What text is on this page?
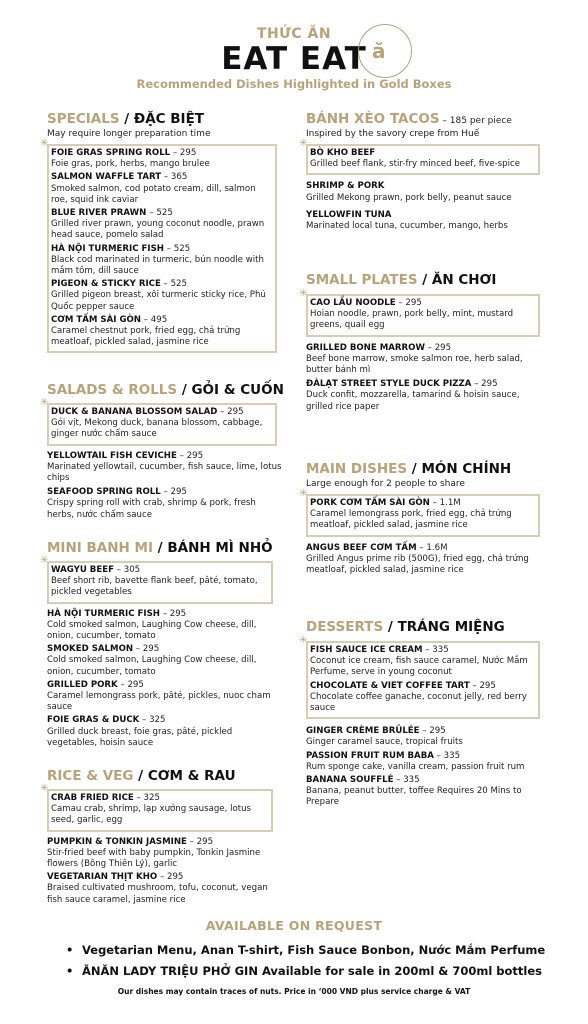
THỨC ĂN
EAT EAT
Recommended Dishes Highlighted in Gold Boxes
ă
SPECIALS / ĐẶC BIỆT
May require longer preparation time
✳
FOIE GRAS SPRING ROLL – 295
Foie gras, pork, herbs, mango brulee
SALMON WAFFLE TART – 365
Smoked salmon, cod potato cream, dill, salmon roe, squid ink caviar
BLUE RIVER PRAWN – 525
Grilled river prawn, young coconut noodle, prawn head sauce, pomelo salad
HÀ NỘI TURMERIC FISH – 525
Black cod marinated in turmeric, bún noodle with mắm tôm, dill sauce
PIGEON & STICKY RICE – 525
Grilled pigeon breast, xôi turmeric sticky rice, Phú Quốc pepper sauce
CƠM TẤM SÀI GÒN – 495
Caramel chestnut pork, fried egg, chả trứng meatloaf, pickled salad, jasmine rice
SALADS & ROLLS / GỎI & CUỐN
✳
DUCK & BANANA BLOSSOM SALAD – 295
Gỏi vịt, Mekong duck, banana blossom, cabbage, ginger nước chấm sauce
YELLOWTAIL FISH CEVICHE – 295
Marinated yellowtail, cucumber, fish sauce, lime, lotus chips
SEAFOOD SPRING ROLL – 295
Crispy spring roll with crab, shrimp & pork, fresh herbs, nước chấm sauce
MINI BANH MI / BÁNH MÌ NHỎ
✳
WAGYU BEEF – 305
Beef short rib, bavette flank beef, pâté, tomato, pickled vegetables
HÀ NỘI TURMERIC FISH – 295
Cold smoked salmon, Laughing Cow cheese, dill, onion, cucumber, tomato
SMOKED SALMON – 295
Cold smoked salmon, Laughing Cow cheese, dill, onion, cucumber, tomato
GRILLED PORK – 295
Caramel lemongrass pork, pâté, pickles, nuoc cham sauce
FOIE GRAS & DUCK – 325
Grilled duck breast, foie gras, pâté, pickled vegetables, hoisin sauce
RICE & VEG / CƠM & RAU
✳
CRAB FRIED RICE – 325
Camau crab, shrimp, lạp xưởng sausage, lotus seed, garlic, egg
PUMPKIN & TONKIN JASMINE – 295
Stir-fried beef with baby pumpkin, Tonkin Jasmine flowers (Bông Thiên Lý), garlic
VEGETARIAN THỊT KHO – 295
Braised cultivated mushroom, tofu, coconut, vegan fish sauce caramel, jasmine rice
BÁNH XÈO TACOS – 185 per piece
Inspired by the savory crepe from Huế
✳
BÒ KHO BEEF
Grilled beef flank, stir-fry minced beef, five-spice
SHRIMP & PORK
Grilled Mekong prawn, pork belly, peanut sauce
YELLOWFIN TUNA
Marinated local tuna, cucumber, mango, herbs
SMALL PLATES / ĂN CHƠI
✳
CAO LẦU NOODLE – 295
Hoian noodle, prawn, pork belly, mint, mustard greens, quail egg
GRILLED BONE MARROW – 295
Beef bone marrow, smoke salmon roe, herb salad, butter bánh mì
ĐÀLẠT STREET STYLE DUCK PIZZA – 295
Duck confit, mozzarella, tamarind & hoisin sauce, grilled rice paper
MAIN DISHES / MÓN CHÍNH
Large enough for 2 people to share
✳
PORK CƠM TẤM SÀI GÒN – 1.1M
Caramel lemongrass pork, fried egg, chả trứng meatloaf, pickled salad, jasmine rice
ANGUS BEEF CƠM TẤM – 1.6M
Grilled Angus prime rib (500G), fried egg, chả trứng meatloaf, pickled salad, jasmine rice
DESSERTS / TRÁNG MIỆNG
✳
FISH SAUCE ICE CREAM – 335
Coconut ice cream, fish sauce caramel, Nước Mắm Perfume, serve in young coconut
CHOCOLATE & VIET COFFEE TART – 295
Chocolate coffee ganache, coconut jelly, red berry sauce
GINGER CRÈME BRÛLÉE – 295
Ginger caramel sauce, tropical fruits
PASSION FRUIT RUM BABA – 335
Rum sponge cake, vanilla cream, passion fruit rum
BANANA SOUFFLÉ – 335
Banana, peanut butter, toffee Requires 20 Mins to Prepare
AVAILABLE ON REQUEST
• Vegetarian Menu, Anan T-shirt, Fish Sauce Bonbon, Nước Mắm Perfume
• ĂNĂN LADY TRIỆU PHỞ GIN Available for sale in 200ml & 700ml bottles
Our dishes may contain traces of nuts. Price in ‘000 VND plus service charge & VAT
